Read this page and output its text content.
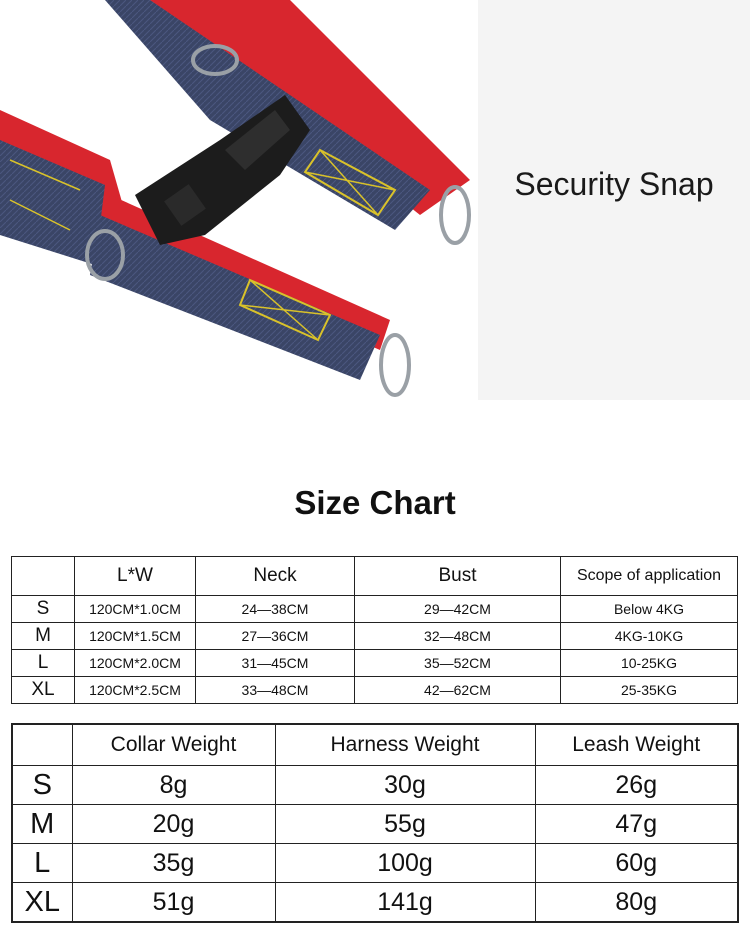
Security Snap
Size Chart
	L*W	Neck	Bust	Scope of application
S	120CM*1.0CM	24—38CM	29—42CM	Below 4KG
M	120CM*1.5CM	27—36CM	32—48CM	4KG-10KG
L	120CM*2.0CM	31—45CM	35—52CM	10-25KG
XL	120CM*2.5CM	33—48CM	42—62CM	25-35KG
	Collar Weight	Harness Weight	Leash Weight
S	8g	30g	26g
M	20g	55g	47g
L	35g	100g	60g
XL	51g	141g	80g
